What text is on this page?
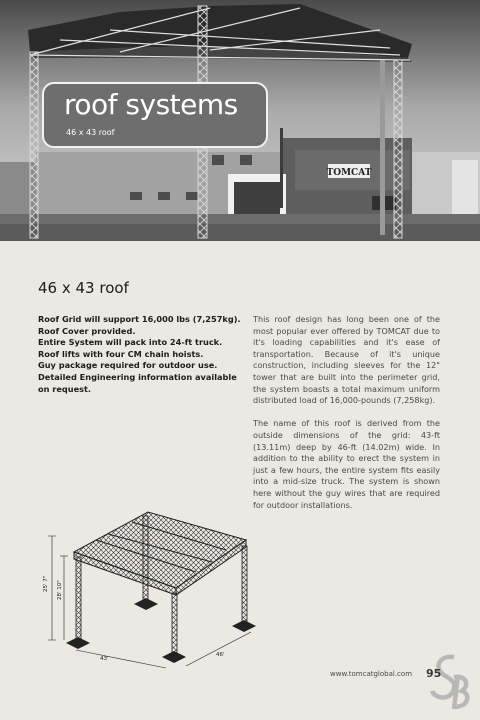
TOMCAT
roof systems
46 x 43 roof
46 x 43 roof
Roof Grid will support 16,000 lbs (7,257kg).
Roof Cover provided.
Entire System will pack into 24-ft truck.
Roof lifts with four CM chain hoists.
Guy package required for outdoor use.
Detailed Engineering information available
on request.

This roof design has long been one of the most popular ever offered by TOMCAT due to it's loading capabilities and it's ease of transportation. Because of it's unique construction, including sleeves for the 12" tower that are built into the perimeter grid, the system boasts a total maximum uniform distributed load of 16,000-pounds (7,258kg).

The name of this roof is derived from the outside dimensions of the grid: 43-ft (13.11m) deep by 46-ft (14.02m) wide. In addition to the ability to erect the system in just a few hours, the entire system fits easily into a mid-size truck. The system is shown here without the guy wires that are required for outdoor installations.

25' 7" 28' 10"
43'
46'
www.tomcatglobal.com 95
